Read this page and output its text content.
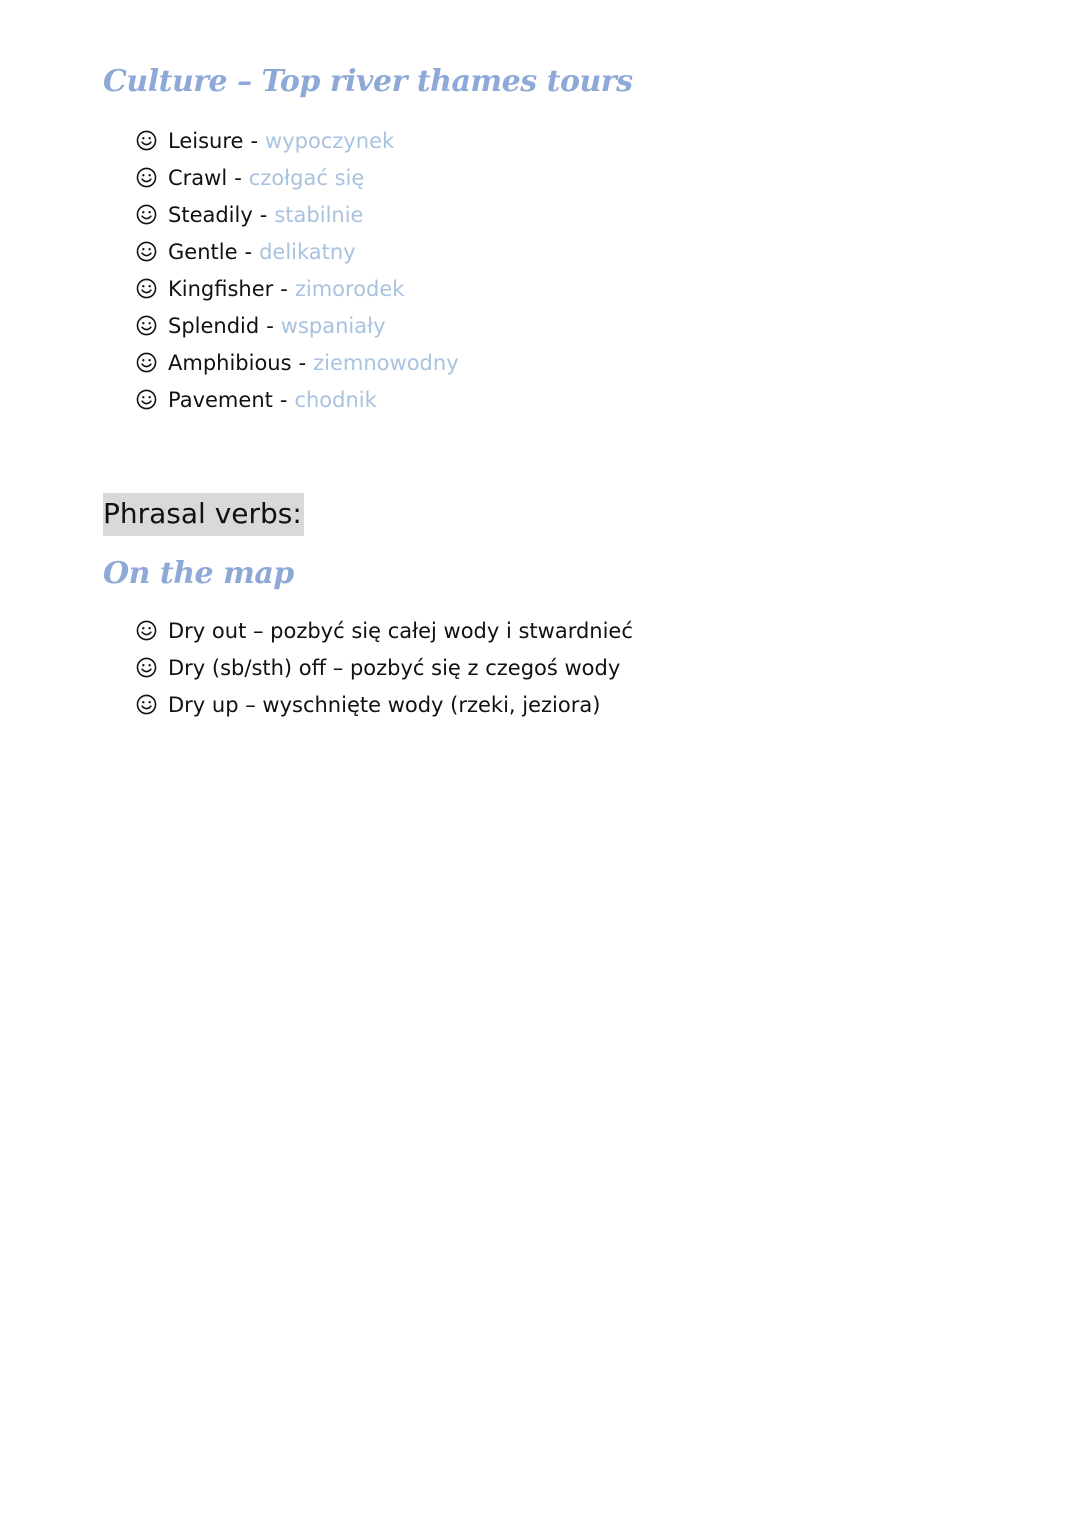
Culture – Top river thames tours
Leisure - wypoczynek
Crawl - czołgać się
Steadily - stabilnie
Gentle - delikatny
Kingfisher - zimorodek
Splendid - wspaniały
Amphibious - ziemnowodny
Pavement - chodnik
Phrasal verbs:
On the map
Dry out – pozbyć się całej wody i stwardnieć
Dry (sb/sth) off – pozbyć się z czegoś wody
Dry up – wyschnięte wody (rzeki, jeziora)
